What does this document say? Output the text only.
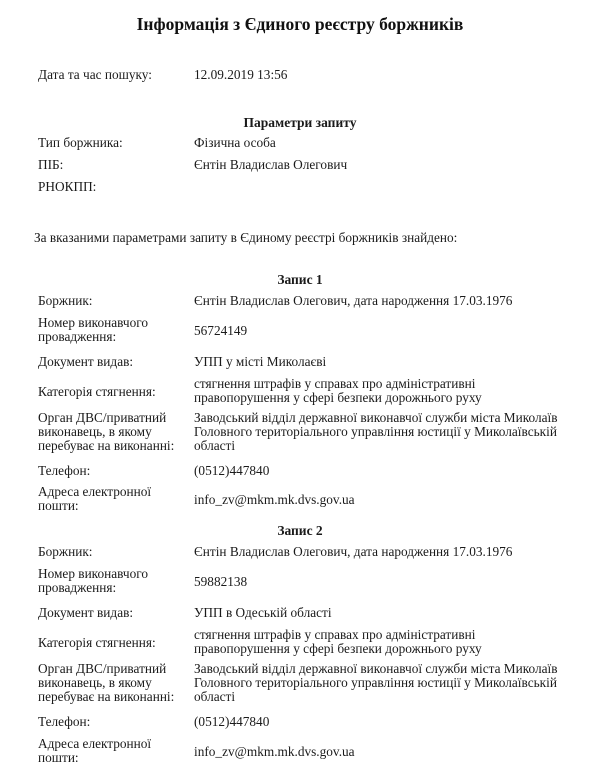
Інформація з Єдиного реєстру боржників
Дата та час пошуку:	12.09.2019 13:56
Параметри запиту
Тип боржника:	Фізична особа
ПІБ:	Єнтін Владислав Олегович
РНОКПП:
За вказаними параметрами запиту в Єдиному реєстрі боржників знайдено:
Запис 1
Боржник:	Єнтін Владислав Олегович, дата народження 17.03.1976
Номер виконавчого
провадження:	56724149
Документ видав:	УПП у місті Миколаєві
Категорія стягнення:
стягнення штрафів у справах про адміністративні
правопорушення у сфері безпеки дорожнього руху
Орган ДВС/приватний
виконавець, в якому
перебуває на виконанні:
Заводський відділ державної виконавчої служби міста Миколаїв
Головного територіального управління юстиції у Миколаївській
області
Телефон:	(0512)447840
Адреса електронної
пошти:	info_zv@mkm.mk.dvs.gov.ua
Запис 2
Боржник:	Єнтін Владислав Олегович, дата народження 17.03.1976
Номер виконавчого
провадження:	59882138
Документ видав:	УПП в Одеській області
Категорія стягнення:
стягнення штрафів у справах про адміністративні
правопорушення у сфері безпеки дорожнього руху
Орган ДВС/приватний
виконавець, в якому
перебуває на виконанні:
Заводський відділ державної виконавчої служби міста Миколаїв
Головного територіального управління юстиції у Миколаївській
області
Телефон:	(0512)447840
Адреса електронної
пошти:	info_zv@mkm.mk.dvs.gov.ua
